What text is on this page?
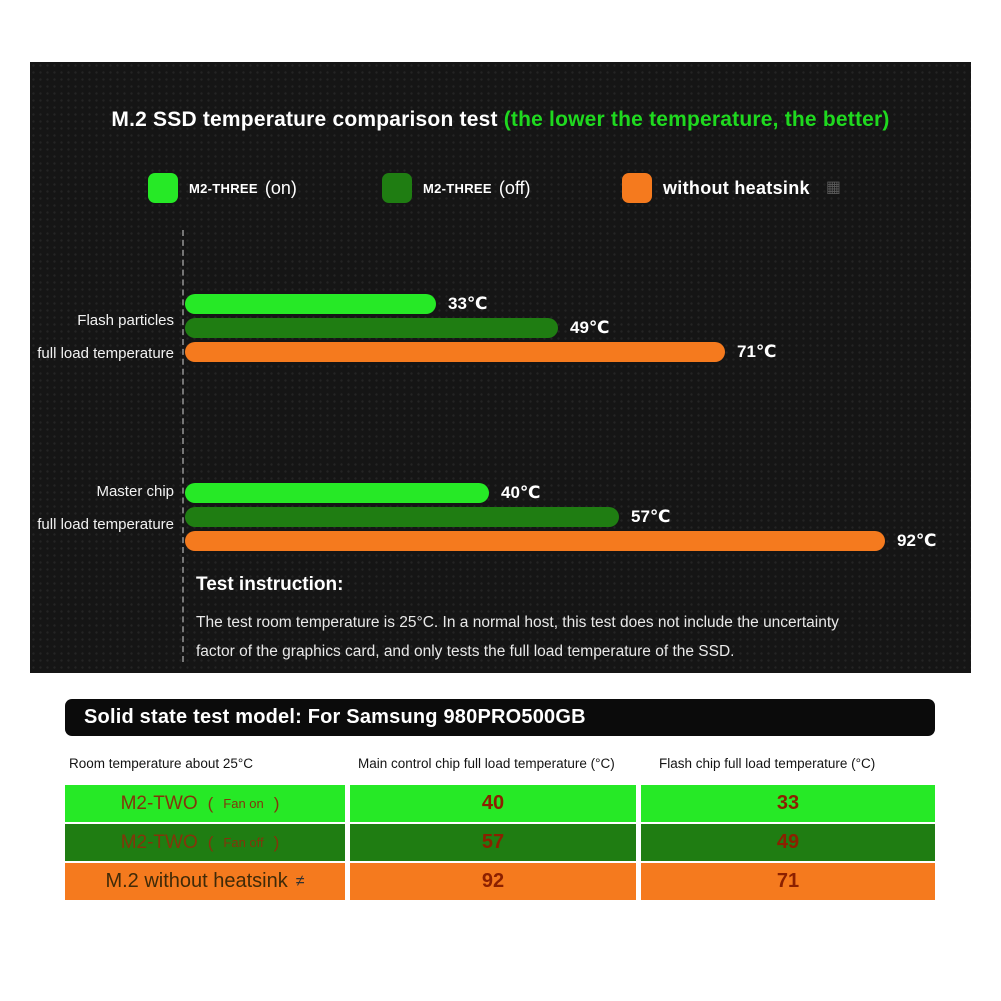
M.2 SSD temperature comparison test (the lower the temperature, the better)
M2-THREE (on)	M2-THREE (off)	without heatsink ▦
Flash particles
full load temperature
33℃
49℃
71℃
Master chip
full load temperature
40℃
57℃
92℃
Test instruction:
The test room temperature is 25°C. In a normal host, this test does not include the uncertainty
factor of the graphics card, and only tests the full load temperature of the SSD.
Solid state test model: For Samsung 980PRO500GB
Room temperature about 25°C	Main control chip full load temperature (°C)	Flash chip full load temperature (°C)
M2-TWO ( Fan on )	40	33
M2-TWO ( Fan off )	57	49
M.2 without heatsink ≠	92	71
